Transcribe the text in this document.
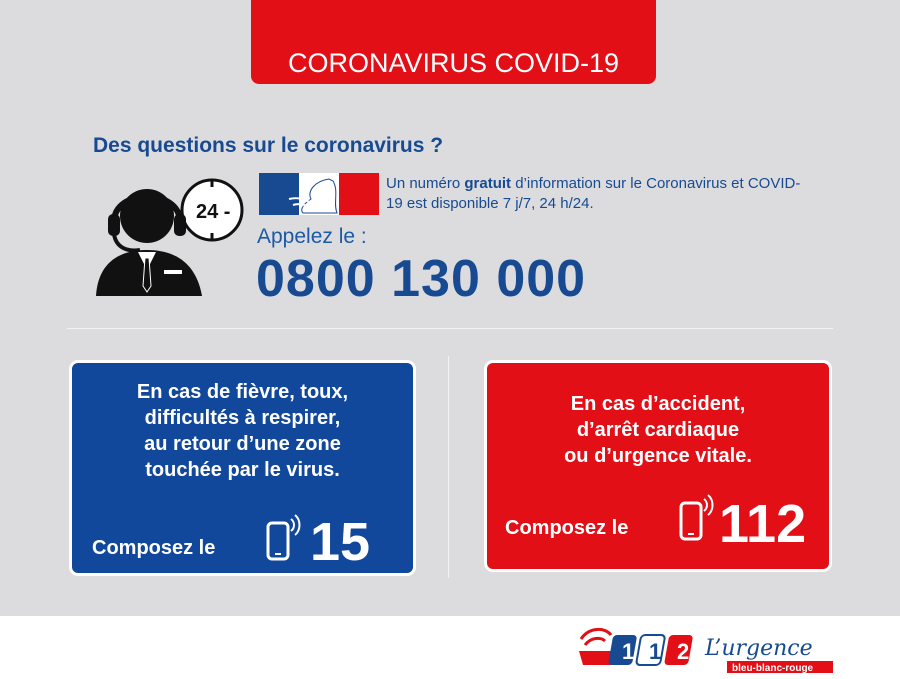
CORONAVIRUS COVID-19
Des questions sur le coronavirus ?
24 -
Un numéro gratuit d’information sur le Coronavirus et COVID-19 est disponible 7 j/7, 24 h/24.
Appelez le :
0800 130 000
En cas de fièvre, toux,
difficultés à respirer,
au retour d’une zone
touchée par le virus.
Composez le 15
En cas d’accident,
d’arrêt cardiaque
ou d’urgence vitale.
Composez le 112
1 1 2 L’urgence
bleu-blanc-rouge
